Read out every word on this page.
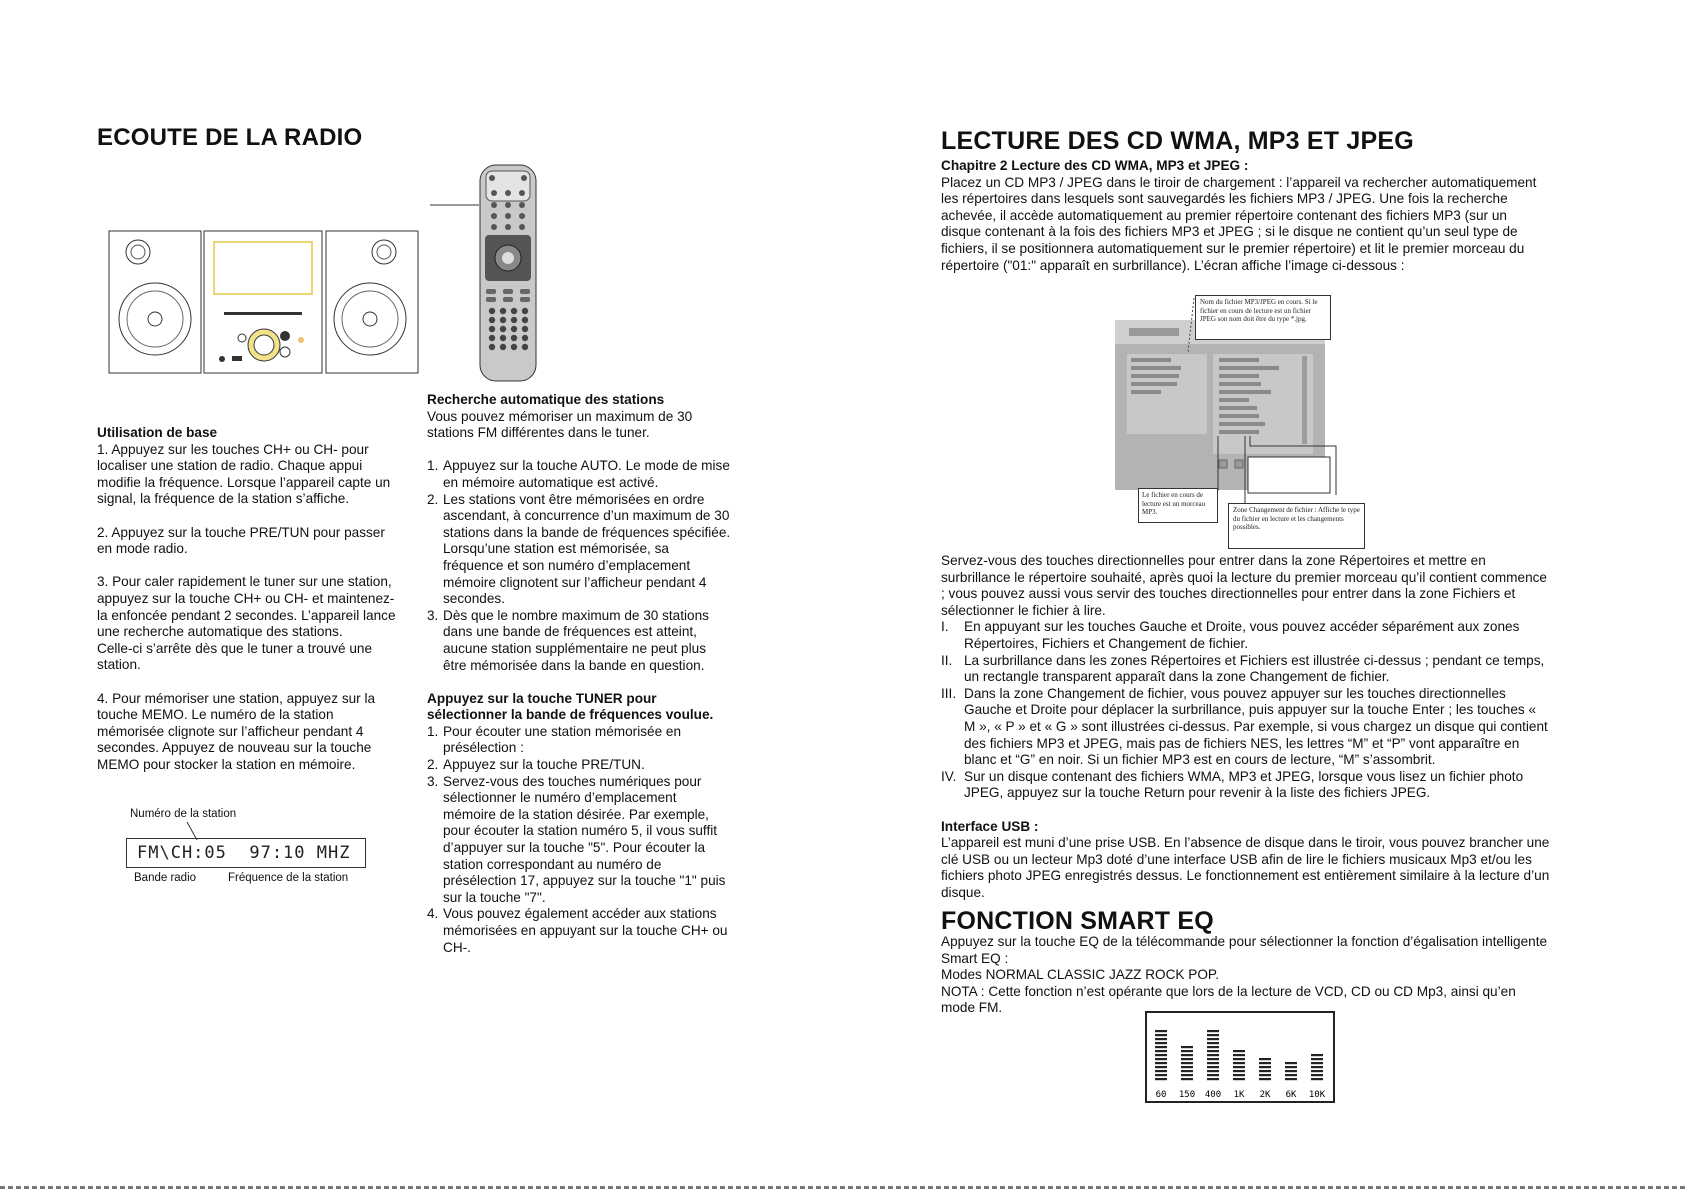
ECOUTE DE LA RADIO
Utilisation de base
1. Appuyez sur les touches CH+ ou CH- pour localiser une station de radio. Chaque appui modifie la fréquence. Lorsque l’appareil capte un signal, la fréquence de la station s’affiche.
2. Appuyez sur la touche PRE/TUN pour passer en mode radio.
3. Pour caler rapidement le tuner sur une station, appuyez sur la touche CH+ ou CH- et maintenez-la enfoncée pendant 2 secondes. L’appareil lance une recherche automatique des stations.
Celle-ci s’arrête dès que le tuner a trouvé une station.
4. Pour mémoriser une station, appuyez sur la touche MEMO. Le numéro de la station mémorisée clignote sur l’afficheur pendant 4 secondes. Appuyez de nouveau sur la touche MEMO pour stocker la station en mémoire.
Numéro de la station
FM\CH:05  97:10 MHZ
Bande radio	Fréquence de la station
Recherche automatique des stations
Vous pouvez mémoriser un maximum de 30 stations FM différentes dans le tuner.
1. Appuyez sur la touche AUTO. Le mode de mise en mémoire automatique est activé.
2. Les stations vont être mémorisées en ordre ascendant, à concurrence d’un maximum de 30 stations dans la bande de fréquences spécifiée. Lorsqu’une station est mémorisée, sa fréquence et son numéro d’emplacement mémoire clignotent sur l’afficheur pendant 4 secondes.
3. Dès que le nombre maximum de 30 stations dans une bande de fréquences est atteint, aucune station supplémentaire ne peut plus être mémorisée dans la bande en question.
Appuyez sur la touche TUNER pour sélectionner la bande de fréquences voulue.
1. Pour écouter une station mémorisée en présélection :
2. Appuyez sur la touche PRE/TUN.
3. Servez-vous des touches numériques pour sélectionner le numéro d’emplacement mémoire de la station désirée. Par exemple, pour écouter la station numéro 5, il vous suffit d’appuyer sur la touche "5". Pour écouter la station correspondant au numéro de présélection 17, appuyez sur la touche "1" puis sur la touche "7".
4. Vous pouvez également accéder aux stations mémorisées en appuyant sur la touche CH+ ou CH-.
LECTURE DES CD WMA, MP3 ET JPEG
Chapitre 2 Lecture des CD WMA, MP3 et JPEG :
Placez un CD MP3 / JPEG dans le tiroir de chargement : l’appareil va rechercher automatiquement les répertoires dans lesquels sont sauvegardés les fichiers MP3 / JPEG. Une fois la recherche achevée, il accède automatiquement au premier répertoire contenant des fichiers MP3 (sur un disque contenant à la fois des fichiers MP3 et JPEG ; si le disque ne contient qu’un seul type de fichiers, il se positionnera automatiquement sur le premier répertoire) et lit le premier morceau du répertoire ("01:" apparaît en surbrillance). L’écran affiche l’image ci-dessous :
Nom du fichier MP3/JPEG en cours. Si le fichier en cours de lecture est un fichier JPEG son nom doit être du type *.jpg.
Le fichier en cours de lecture est un morceau MP3.	Zone Changement de fichier : Affiche le type du fichier en lecture et les changements possibles.
Servez-vous des touches directionnelles pour entrer dans la zone Répertoires et mettre en surbrillance le répertoire souhaité, après quoi la lecture du premier morceau qu’il contient commence ; vous pouvez aussi vous servir des touches directionnelles pour entrer dans la zone Fichiers et sélectionner le fichier à lire.
I. En appuyant sur les touches Gauche et Droite, vous pouvez accéder séparément aux zones Répertoires, Fichiers et Changement de fichier.
II. La surbrillance dans les zones Répertoires et Fichiers est illustrée ci-dessus ; pendant ce temps, un rectangle transparent apparaît dans la zone Changement de fichier.
III. Dans la zone Changement de fichier, vous pouvez appuyer sur les touches directionnelles Gauche et Droite pour déplacer la surbrillance, puis appuyer sur la touche Enter ; les touches « M », « P » et « G » sont illustrées ci-dessus. Par exemple, si vous chargez un disque qui contient des fichiers MP3 et JPEG, mais pas de fichiers NES, les lettres “M” et “P” vont apparaître en blanc et “G” en noir. Si un fichier MP3 est en cours de lecture, “M” s’assombrit.
IV. Sur un disque contenant des fichiers WMA, MP3 et JPEG, lorsque vous lisez un fichier photo JPEG, appuyez sur la touche Return pour revenir à la liste des fichiers JPEG.
Interface USB :
L’appareil est muni d’une prise USB. En l’absence de disque dans le tiroir, vous pouvez brancher une clé USB ou un lecteur Mp3 doté d’une interface USB afin de lire le fichiers musicaux Mp3 et/ou les fichiers photo JPEG enregistrés dessus. Le fonctionnement est entièrement similaire à la lecture d’un disque.
FONCTION SMART EQ
Appuyez sur la touche EQ de la télécommande pour sélectionner la fonction d’égalisation intelligente Smart EQ :
Modes NORMAL CLASSIC JAZZ ROCK POP.
NOTA : Cette fonction n’est opérante que lors de la lecture de VCD, CD ou CD Mp3, ainsi qu’en mode FM.
60 150 400 1K 2K 6K 10K
